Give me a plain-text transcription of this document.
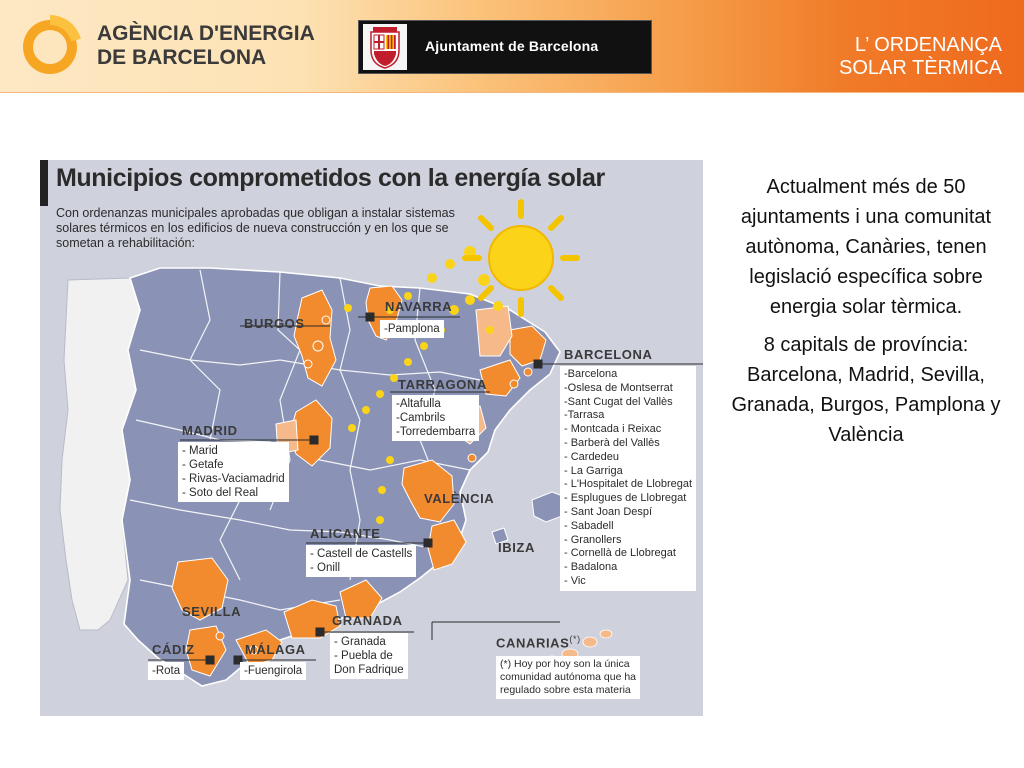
AGÈNCIA D'ENERGIA
DE BARCELONA	Ajuntament de Barcelona	L’ ORDENANÇA
SOLAR TÈRMICA
Municipios comprometidos con la energía solar
Con ordenanzas municipales aprobadas que obligan a instalar sistemas solares térmicos en los edificios de nueva construcción y en los que se sometan a rehabilitación:
BURGOS
NAVARRA
-Pamplona
BARCELONA
-Barcelona
-Oslesa de Montserrat
-Sant Cugat del Vallès
-Tarrasa
- Montcada i Reixac
- Barberà del Vallès
- Cardedeu
- La Garriga
- L'Hospitalet de Llobregat
- Esplugues de Llobregat
- Sant Joan Despí
- Sabadell
- Granollers
- Cornellà de Llobregat
- Badalona
- Vic
TARRAGONA
-Altafulla
-Cambrils
-Torredembarra
MADRID
- Marid
- Getafe
- Rivas-Vaciamadrid
- Soto del Real	VALÈNCIA
IBIZA
ALICANTE
- Castell de Castells
- Onill
SEVILLA
GRANADA
- Granada
- Puebla de
Don Fadrique
CÁDIZ
-Rota
MÁLAGA
-Fuengirola
CANARIAS(*)
(*) Hoy por hoy son la única
comunidad autónoma que ha
regulado sobre esta materia

Actualment més de 50 ajuntaments i una comunitat autònoma, Canàries, tenen legislació específica sobre energia solar tèrmica.

8 capitals de província: Barcelona, Madrid, Sevilla, Granada, Burgos, Pamplona y València
